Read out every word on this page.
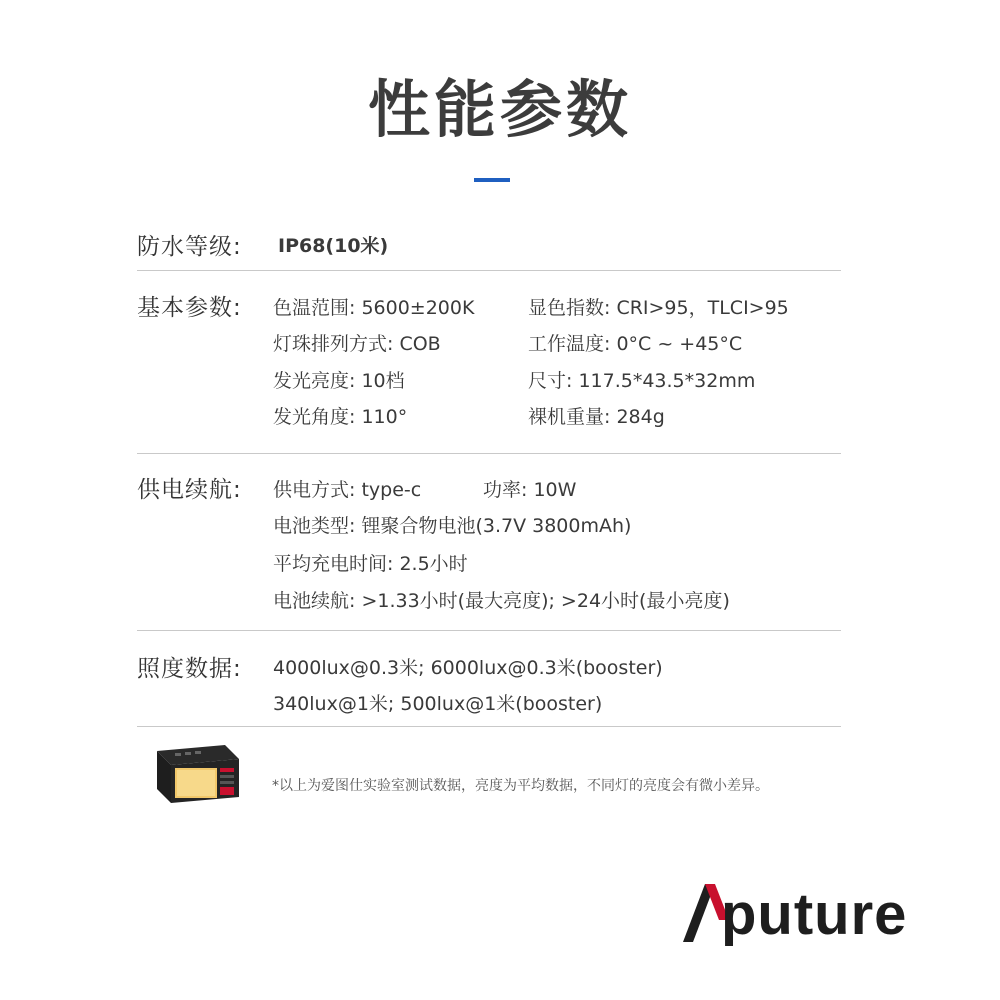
性能参数
防水等级: IP68(10米)
基本参数: 色温范围: 5600±200K	显色指数: CRI>95，TLCI>95
灯珠排列方式: COB	工作温度: 0°C ~ +45°C
发光亮度: 10档	尺寸: 117.5*43.5*32mm
发光角度: 110°	裸机重量: 284g
供电续航: 供电方式: type-c	功率: 10W
电池类型: 锂聚合物电池(3.7V 3800mAh)
平均充电时间: 2.5小时
电池续航: >1.33小时(最大亮度); >24小时(最小亮度)
照度数据: 4000lux@0.3米; 6000lux@0.3米(booster)
340lux@1米; 500lux@1米(booster)
*以上为爱图仕实验室测试数据，亮度为平均数据，不同灯的亮度会有微小差异。
puture
